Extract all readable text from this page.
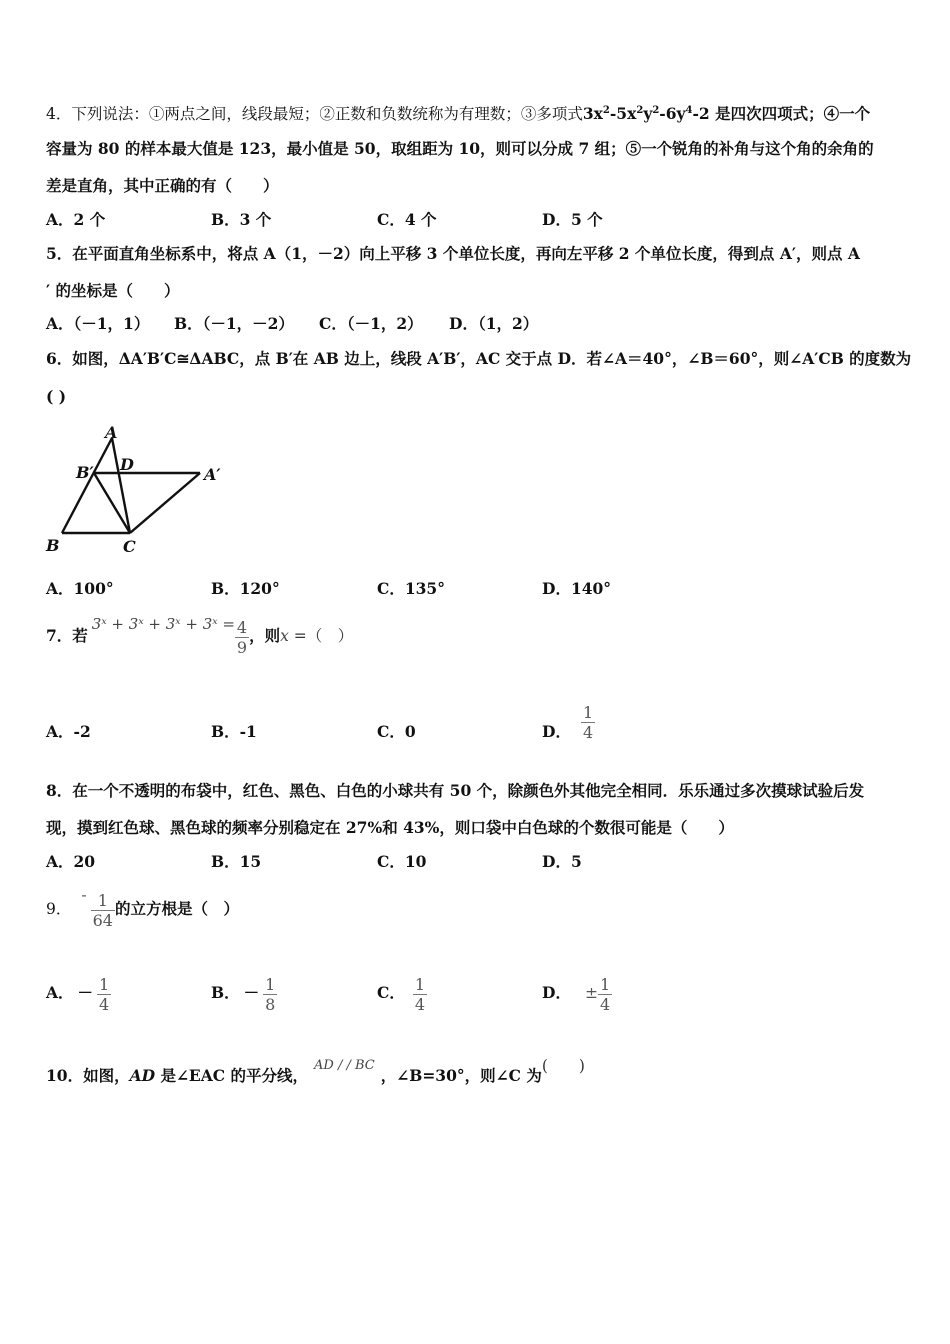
4．下列说法：①两点之间，线段最短；②正数和负数统称为有理数；③多项式$3x^2-5x^2y^2-6y^4-2$ 是四次四项式；④一个
容量为 80 的样本最大值是 123，最小值是 50，取组距为 10，则可以分成 7 组；⑤一个锐角的补角与这个角的余角的
差是直角，其中正确的有（　　）
A．2 个	B．3 个	C．4 个	D．5 个
5．在平面直角坐标系中，将点 A（1，－2）向上平移 3 个单位长度，再向左平移 2 个单位长度，得到点 A′，则点 A
′ 的坐标是（　　）
A．（－1，1） B．（－1，－2） C．（－1，2） D．（1，2）
6．如图，ΔA′B′C≅ΔABC，点 B′在 AB 边上，线段 A′B′，AC 交于点 D．若∠A＝40°，∠B＝60°，则∠A′CB 的度数为
( )
A
B′ D
A′
B	C
A．100°	B．120°	C．135°	D．140°
7．若3ˣ + 3ˣ + 3ˣ + 3ˣ = $\frac{4}{9}$ ，则x =（　）
A．-2	B．-1	C．0	D． $\frac{1}{4}$
8．在一个不透明的布袋中，红色、黑色、白色的小球共有 50 个，除颜色外其他完全相同．乐乐通过多次摸球试验后发
现，摸到红色球、黑色球的频率分别稳定在 27%和 43%，则口袋中白色球的个数很可能是（　　）
A．20	B．15	C．10	D．5
9．- $\frac{1}{64}$ 的立方根是（　）
A． － $\frac{1}{4}$	B． － $\frac{1}{8}$	C． $\frac{1}{4}$	D． ± $\frac{1}{4}$
10．如图，AD 是∠EAC 的平分线，$^{AD / / BC}$，∠B=30°，则∠C 为(　　)
